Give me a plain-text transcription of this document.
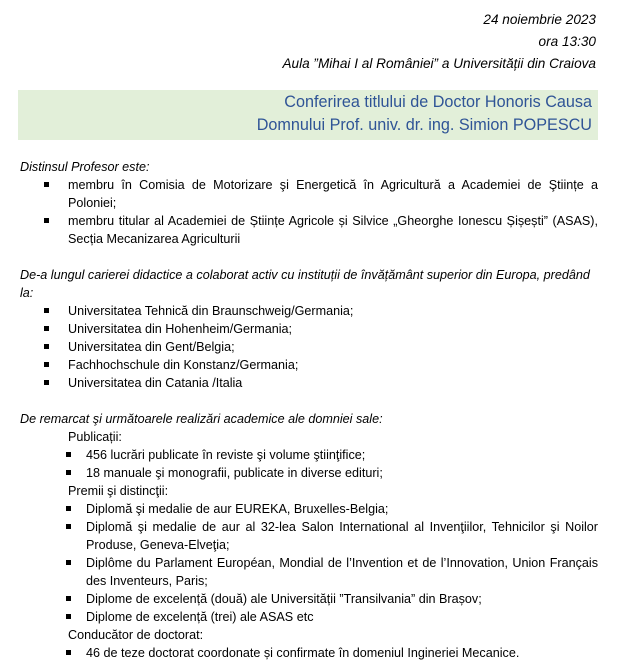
24 noiembrie 2023
ora 13:30
Aula ”Mihai I al României” a Universității din Craiova
Conferirea titlului de Doctor Honoris Causa
Domnului Prof. univ. dr. ing. Simion POPESCU
Distinsul Profesor este:
membru în Comisia de Motorizare şi Energetică în Agricultură a Academiei de Ştiințe a Poloniei;
membru titular al Academiei de Științe Agricole și Silvice „Gheorghe Ionescu Șișești” (ASAS), Secția Mecanizarea Agriculturii
De-a lungul carierei didactice a colaborat activ cu instituții de învățământ superior din Europa, predând la:
Universitatea Tehnică din Braunschweig/Germania;
Universitatea din Hohenheim/Germania;
Universitatea din Gent/Belgia;
Fachhochschule din Konstanz/Germania;
Universitatea din Catania /Italia
De remarcat şi următoarele realizări academice ale domniei sale:
Publicații:
456 lucrări publicate în reviste şi volume ştiinţifice;
18 manuale şi monografii, publicate in diverse edituri;
Premii şi distincţii:
Diplomă şi medalie de aur EUREKA, Bruxelles-Belgia;
Diplomă şi medalie de aur al 32-lea Salon International al Invenţiilor, Tehnicilor şi Noilor Produse, Geneva-Elveţia;
Diplôme du Parlament Européan, Mondial de l’Invention et de l’Innovation, Union Français des Inventeurs, Paris;
Diplome de excelență (două) ale Universității ”Transilvania” din Brașov;
Diplome de excelență (trei) ale ASAS etc
Conducător de doctorat:
46 de teze doctorat coordonate și confirmate în domeniul Ingineriei Mecanice.
